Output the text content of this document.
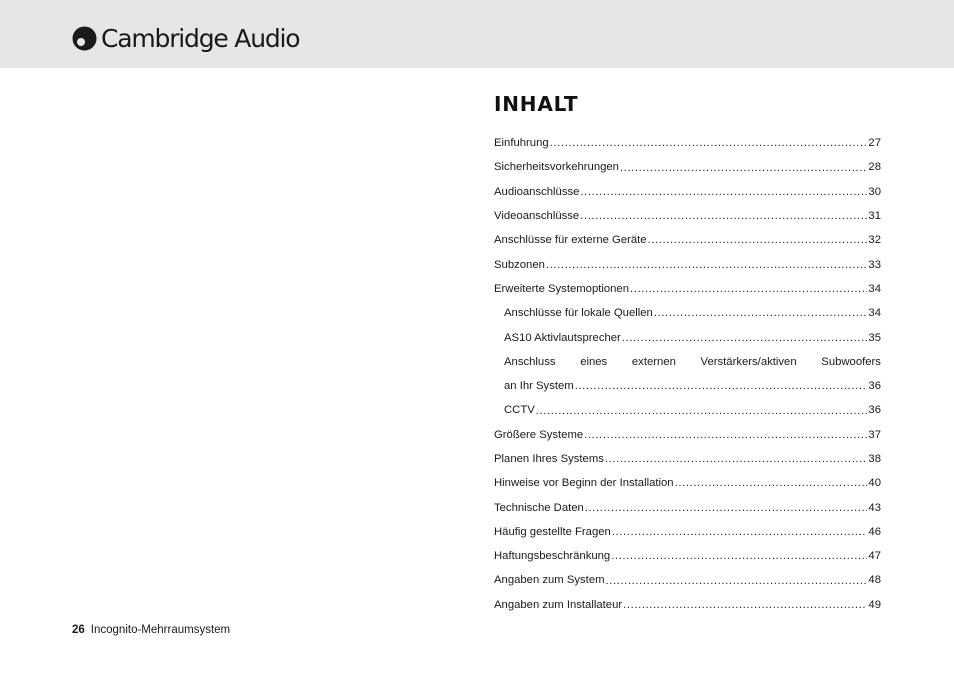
Cambridge Audio
INHALT
Einfuhrung .....	27
Sicherheitsvorkehrungen .....	28
Audioanschlüsse .....	30
Videoanschlüsse .....	31
Anschlüsse für externe Geräte .....	32
Subzonen .....	33
Erweiterte Systemoptionen .....	34
Anschlüsse für lokale Quellen .....	34
AS10 Aktivlautsprecher .....	35
Anschluss eines externen Verstärkers/aktiven Subwoofers
an Ihr System .....	36
CCTV .....	36
Größere Systeme .....	37
Planen Ihres Systems .....	38
Hinweise vor Beginn der Installation .....	40
Technische Daten .....	43
Häufig gestellte Fragen .....	46
Haftungsbeschränkung .....	47
Angaben zum System .....	48
Angaben zum Installateur .....	49
26 Incognito-Mehrraumsystem
